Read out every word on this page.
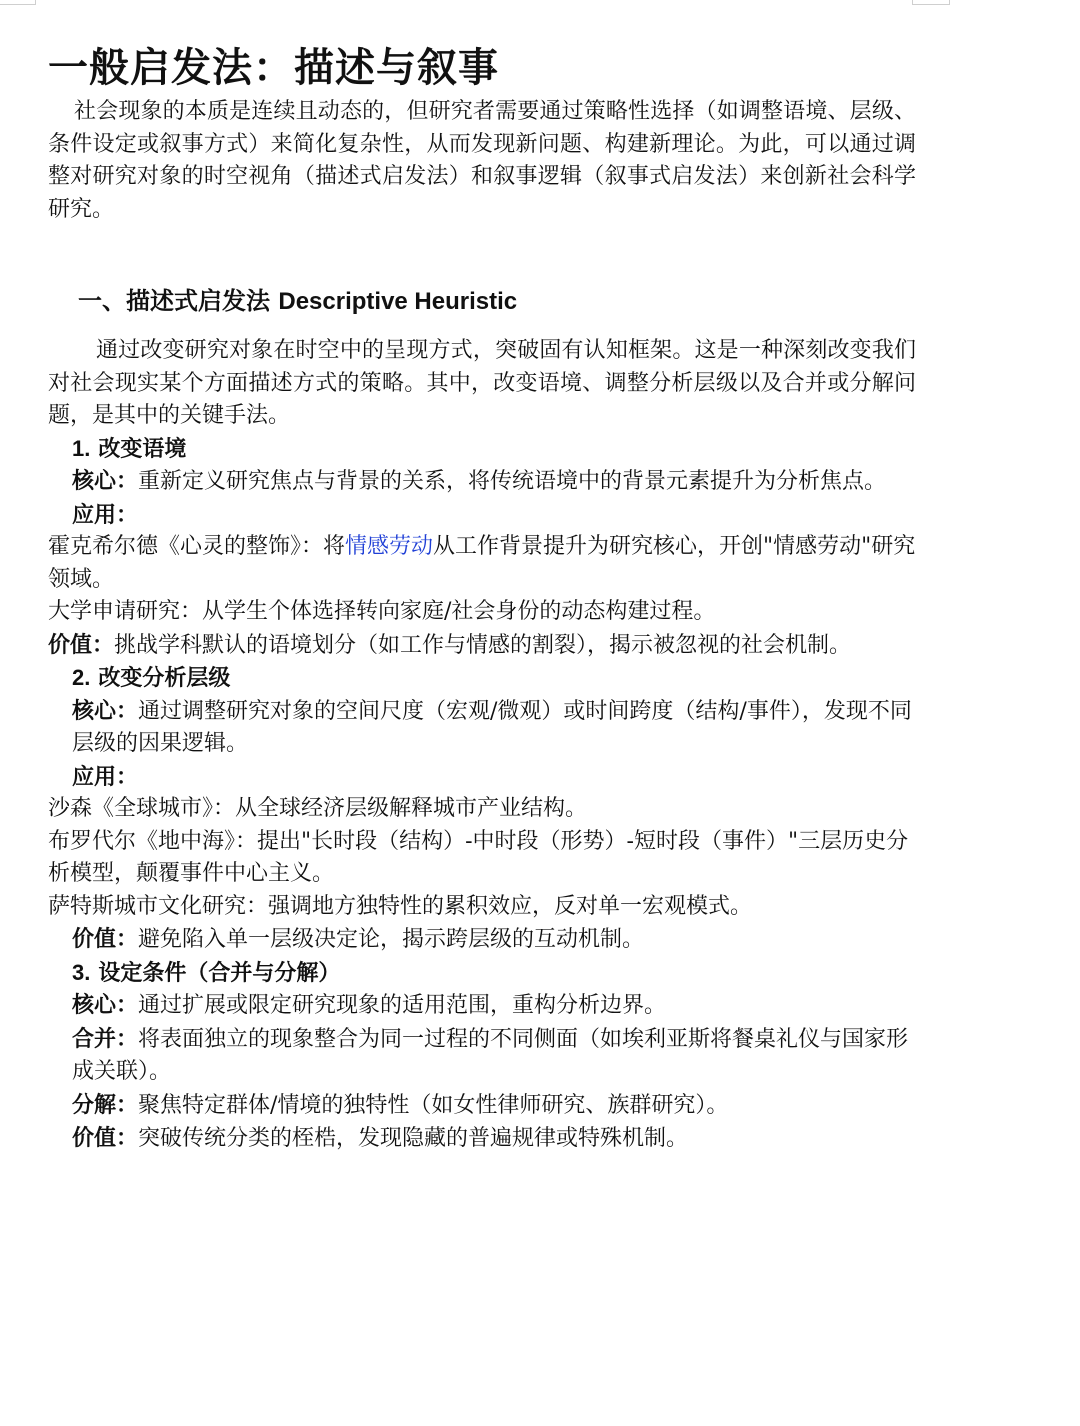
一般启发法：描述与叙事

社会现象的本质是连续且动态的，但研究者需要通过策略性选择（如调整语境、层级、条件设定或叙事方式）来简化复杂性，从而发现新问题、构建新理论。为此，可以通过调整对研究对象的时空视角（描述式启发法）和叙事逻辑（叙事式启发法）来创新社会科学研究。

一、描述式启发法 Descriptive Heuristic

通过改变研究对象在时空中的呈现方式，突破固有认知框架。这是一种深刻改变我们对社会现实某个方面描述方式的策略。其中，改变语境、调整分析层级以及合并或分解问题，是其中的关键手法。

1. 改变语境

核心：重新定义研究焦点与背景的关系，将传统语境中的背景元素提升为分析焦点。

应用：

霍克希尔德《心灵的整饰》：将情感劳动从工作背景提升为研究核心，开创"情感劳动"研究领域。

大学申请研究：从学生个体选择转向家庭/社会身份的动态构建过程。

价值：挑战学科默认的语境划分（如工作与情感的割裂），揭示被忽视的社会机制。

2. 改变分析层级

核心：通过调整研究对象的空间尺度（宏观/微观）或时间跨度（结构/事件），发现不同层级的因果逻辑。

应用：

沙森《全球城市》：从全球经济层级解释城市产业结构。

布罗代尔《地中海》：提出"长时段（结构）-中时段（形势）-短时段（事件）"三层历史分析模型，颠覆事件中心主义。

萨特斯城市文化研究：强调地方独特性的累积效应，反对单一宏观模式。

价值：避免陷入单一层级决定论，揭示跨层级的互动机制。

3. 设定条件（合并与分解）

核心：通过扩展或限定研究现象的适用范围，重构分析边界。

合并：将表面独立的现象整合为同一过程的不同侧面（如埃利亚斯将餐桌礼仪与国家形成关联）。

分解：聚焦特定群体/情境的独特性（如女性律师研究、族群研究）。

价值：突破传统分类的桎梏，发现隐藏的普遍规律或特殊机制。
